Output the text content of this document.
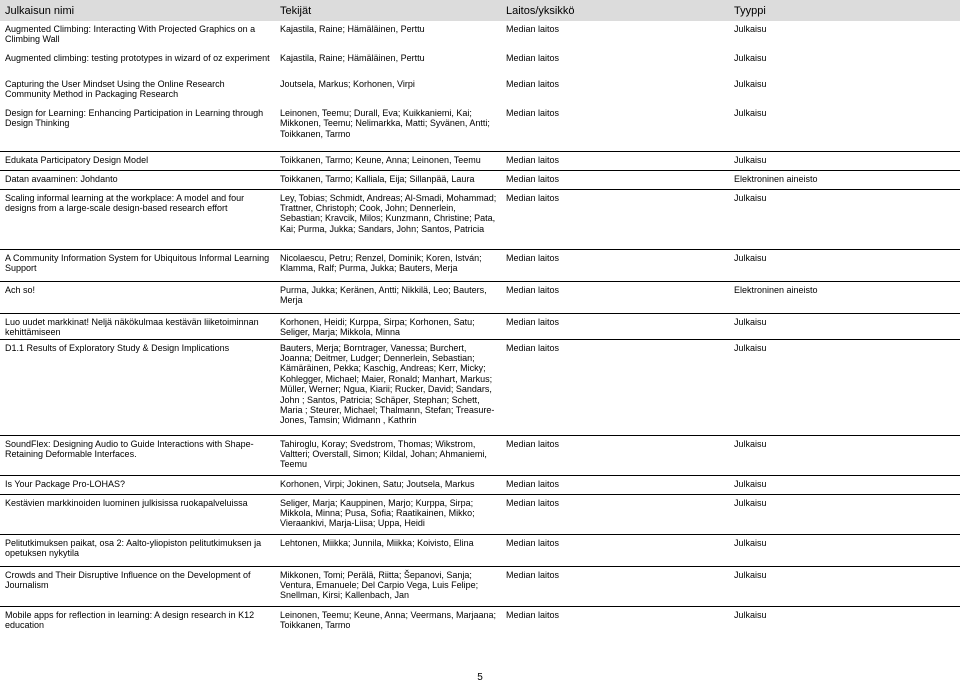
Julkaisun nimi	Tekijät	Laitos/yksikkö	Tyyppi
Augmented Climbing: Interacting With Projected Graphics on a Climbing Wall	Kajastila, Raine; Hämäläinen, Perttu	Median laitos	Julkaisu
Augmented climbing: testing prototypes in wizard of oz experiment	Kajastila, Raine; Hämäläinen, Perttu	Median laitos	Julkaisu
Capturing the User Mindset Using the Online Research Community Method in Packaging Research	Joutsela, Markus; Korhonen, Virpi	Median laitos	Julkaisu
Design for Learning: Enhancing Participation in Learning through Design Thinking	Leinonen, Teemu; Durall, Eva; Kuikkaniemi, Kai; Mikkonen, Teemu; Nelimarkka, Matti; Syvänen, Antti; Toikkanen, Tarmo	Median laitos	Julkaisu
Edukata Participatory Design Model	Toikkanen, Tarmo; Keune, Anna; Leinonen, Teemu	Median laitos	Julkaisu
Datan avaaminen: Johdanto	Toikkanen, Tarmo; Kalliala, Eija; Sillanpää, Laura	Median laitos	Elektroninen aineisto
Scaling informal learning at the workplace: A model and four designs from a large-scale design-based research effort	Ley, Tobias; Schmidt, Andreas; Al-Smadi, Mohammad; Trattner, Christoph; Cook, John; Dennerlein, Sebastian; Kravcik, Milos; Kunzmann, Christine; Pata, Kai; Purma, Jukka; Sandars, John; Santos, Patricia	Median laitos	Julkaisu
A Community Information System for Ubiquitous Informal Learning Support	Nicolaescu, Petru; Renzel, Dominik; Koren, István; Klamma, Ralf; Purma, Jukka; Bauters, Merja	Median laitos	Julkaisu
Ach so!	Purma, Jukka; Keränen, Antti; Nikkilä, Leo; Bauters, Merja	Median laitos	Elektroninen aineisto
Luo uudet markkinat! Neljä näkökulmaa kestävän liiketoiminnan kehittämiseen	Korhonen, Heidi; Kurppa, Sirpa; Korhonen, Satu; Seliger, Marja; Mikkola, Minna	Median laitos	Julkaisu
D1.1 Results of Exploratory Study & Design Implications	Bauters, Merja; Borntrager, Vanessa; Burchert, Joanna; Deitmer, Ludger; Dennerlein, Sebastian; Kämäräinen, Pekka; Kaschig, Andreas; Kerr, Micky; Kohlegger, Michael; Maier, Ronald; Manhart, Markus; Müller, Werner; Ngua, Kiarii; Rucker, David; Sandars, John ; Santos, Patricia; Schäper, Stephan; Schett, Maria ; Steurer, Michael; Thalmann, Stefan; Treasure-Jones, Tamsin; Widmann , Kathrin	Median laitos	Julkaisu
SoundFlex: Designing Audio to Guide Interactions with Shape-Retaining Deformable Interfaces.	Tahiroglu, Koray; Svedstrom, Thomas; Wikstrom, Valtteri; Overstall, Simon; Kildal, Johan; Ahmaniemi, Teemu	Median laitos	Julkaisu
Is Your Package Pro-LOHAS?	Korhonen, Virpi; Jokinen, Satu; Joutsela, Markus	Median laitos	Julkaisu
Kestävien markkinoiden luominen julkisissa ruokapalveluissa	Seliger, Marja; Kauppinen, Marjo; Kurppa, Sirpa; Mikkola, Minna; Pusa, Sofia; Raatikainen, Mikko; Vieraankivi, Marja-Liisa; Uppa, Heidi	Median laitos	Julkaisu
Pelitutkimuksen paikat, osa 2: Aalto-yliopiston pelitutkimuksen ja opetuksen nykytila	Lehtonen, Miikka; Junnila, Miikka; Koivisto, Elina	Median laitos	Julkaisu
Crowds and Their Disruptive Influence on the Development of Journalism	Mikkonen, Tomi; Perälä, Riitta; Šepanovi, Sanja; Ventura, Emanuele; Del Carpio Vega, Luis Felipe; Snellman, Kirsi; Kallenbach, Jan	Median laitos	Julkaisu
Mobile apps for reflection in learning: A design research in K12 education	Leinonen, Teemu; Keune, Anna; Veermans, Marjaana; Toikkanen, Tarmo	Median laitos	Julkaisu
5
